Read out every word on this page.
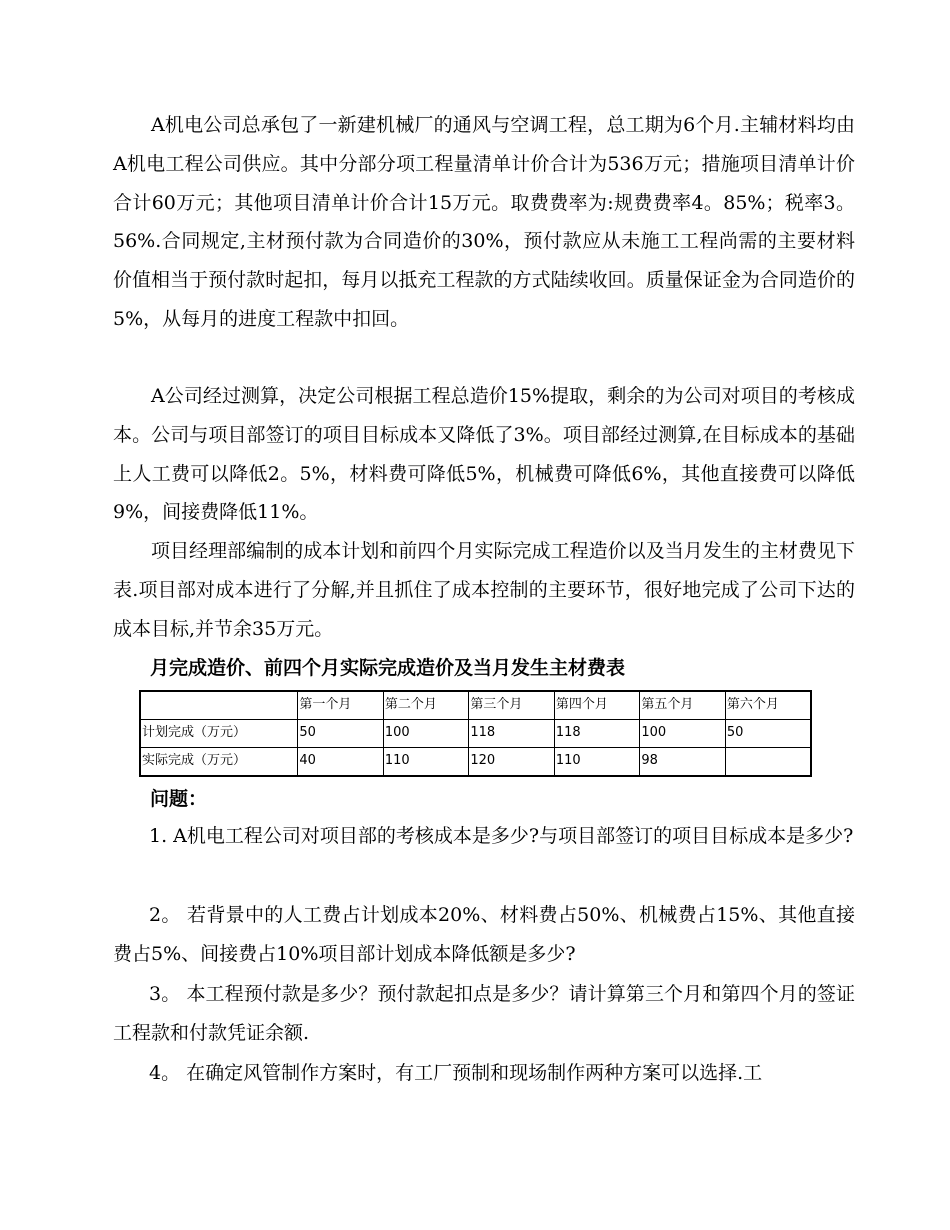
A机电公司总承包了一新建机械厂的通风与空调工程，总工期为6个月.主辅材料均由A机电工程公司供应。其中分部分项工程量清单计价合计为536万元；措施项目清单计价合计60万元；其他项目清单计价合计15万元。取费费率为:规费费率4。85%；税率3。56%.合同规定,主材预付款为合同造价的30%，预付款应从未施工工程尚需的主要材料价值相当于预付款时起扣，每月以抵充工程款的方式陆续收回。质量保证金为合同造价的5%，从每月的进度工程款中扣回。

A公司经过测算，决定公司根据工程总造价15%提取，剩余的为公司对项目的考核成本。公司与项目部签订的项目目标成本又降低了3%。项目部经过测算,在目标成本的基础上人工费可以降低2。5%，材料费可降低5%，机械费可降低6%，其他直接费可以降低9%，间接费降低11%。

项目经理部编制的成本计划和前四个月实际完成工程造价以及当月发生的主材费见下表.项目部对成本进行了分解,并且抓住了成本控制的主要环节，很好地完成了公司下达的成本目标,并节余35万元。

月完成造价、前四个月实际完成造价及当月发生主材费表

	第一个月	第二个月	第三个月	第四个月	第五个月	第六个月
计划完成（万元）	50	100	118	118	100	50
实际完成（万元）	40	110	120	110	98	

问题：

1. A机电工程公司对项目部的考核成本是多少?与项目部签订的项目目标成本是多少?

2。 若背景中的人工费占计划成本20%、材料费占50%、机械费占15%、其他直接费占5%、间接费占10%项目部计划成本降低额是多少?

3。 本工程预付款是多少？预付款起扣点是多少？请计算第三个月和第四个月的签证工程款和付款凭证余额.

4。 在确定风管制作方案时，有工厂预制和现场制作两种方案可以选择.工
